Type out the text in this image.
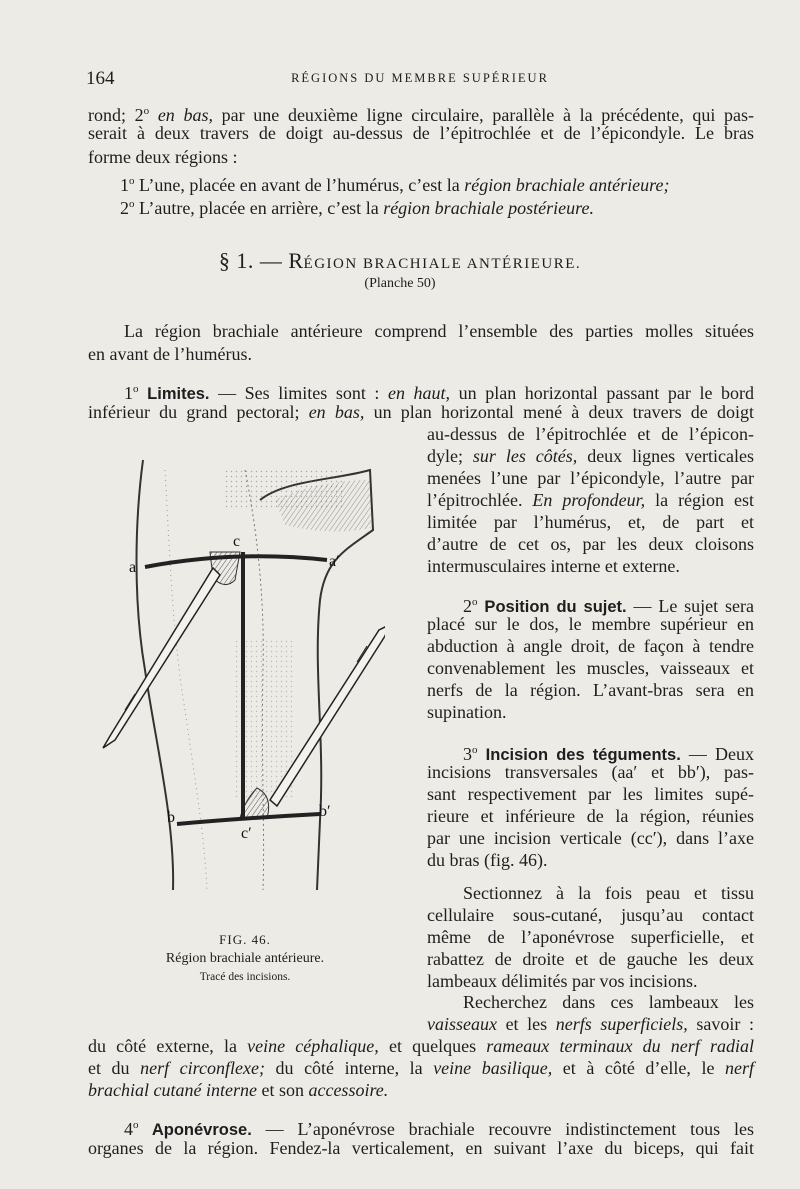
164	RÉGIONS DU MEMBRE SUPÉRIEUR
rond; 2$^o$ en bas, par une deuxième ligne circulaire, parallèle à la précédente, qui pas-
serait à deux travers de doigt au-dessus de l’épitrochlée et de l’épicondyle. Le bras
forme deux régions :
1$^o$ L’une, placée en avant de l’humérus, c’est la région brachiale antérieure;
2$^o$ L’autre, placée en arrière, c’est la région brachiale postérieure.
§ 1. — RÉGION BRACHIALE ANTÉRIEURE.
(Planche 50)
La région brachiale antérieure comprend l’ensemble des parties molles situées
en avant de l’humérus.
1$^o$ Limites. — Ses limites sont : en haut, un plan horizontal passant par le bord
inférieur du grand pectoral; en bas, un plan horizontal mené à deux travers de doigt
au-dessus de l’épitrochlée et de l’épicon-
dyle; sur les côtés, deux lignes verticales
menées l’une par l’épicondyle, l’autre par
l’épitrochlée. En profondeur, la région est
limitée par l’humérus, et, de part et
d’autre de cet os, par les deux cloisons
intermusculaires interne et externe.
2$^o$ Position du sujet. — Le sujet sera
placé sur le dos, le membre supérieur en
abduction à angle droit, de façon à tendre
convenablement les muscles, vaisseaux et
nerfs de la région. L’avant-bras sera en
supination.
3$^o$ Incision des téguments. — Deux
incisions transversales (aa′ et bb′), pas-
sant respectivement par les limites supé-
rieure et inférieure de la région, réunies
par une incision verticale (cc′), dans l’axe
du bras (fig. 46).
Sectionnez à la fois peau et tissu
cellulaire sous-cutané, jusqu’au contact
même de l’aponévrose superficielle, et
rabattez de droite et de gauche les deux
lambeaux délimités par vos incisions.
Recherchez dans ces lambeaux les
vaisseaux et les nerfs superficiels, savoir :
du côté externe, la veine céphalique, et quelques rameaux terminaux du nerf radial
et du nerf circonflexe; du côté interne, la veine basilique, et à côté d’elle, le nerf
brachial cutané interne et son accessoire.
4$^o$ Aponévrose. — L’aponévrose brachiale recouvre indistinctement tous les
organes de la région. Fendez-la verticalement, en suivant l’axe du biceps, qui fait
a	a′
c
b	b′
c′
FIG. 46.
Région brachiale antérieure.
Tracé des incisions.
